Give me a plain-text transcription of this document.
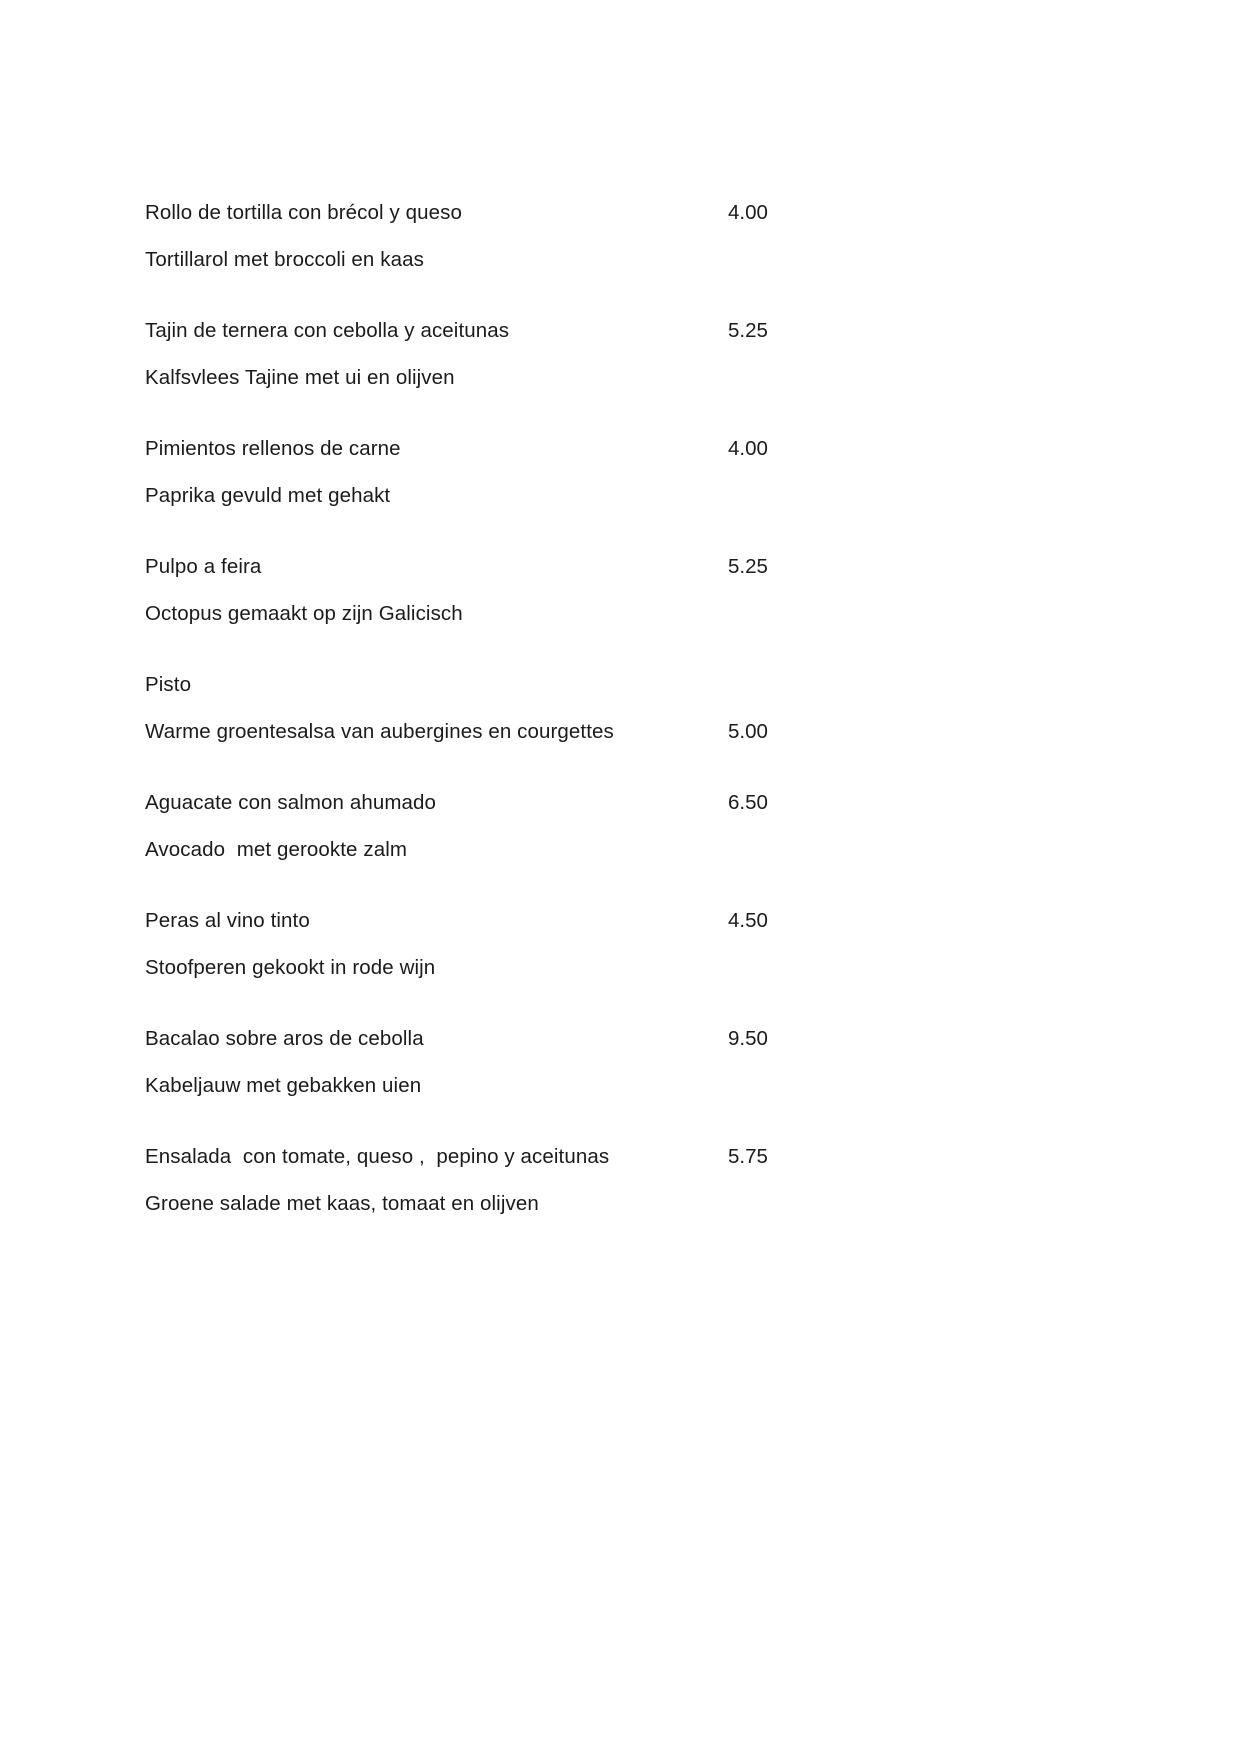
Rollo de tortilla con brécol y queso	4.00
Tortillarol met broccoli en kaas
Tajin de ternera con cebolla y aceitunas	5.25
Kalfsvlees Tajine met ui en olijven
Pimientos rellenos de carne	4.00
Paprika gevuld met gehakt
Pulpo a feira	5.25
Octopus gemaakt op zijn Galicisch
Pisto
Warme groentesalsa van aubergines en courgettes	5.00
Aguacate con salmon ahumado	6.50
Avocado  met gerookte zalm
Peras al vino tinto	4.50
Stoofperen gekookt in rode wijn
Bacalao sobre aros de cebolla	9.50
Kabeljauw met gebakken uien
Ensalada  con tomate, queso ,  pepino y aceitunas	5.75
Groene salade met kaas, tomaat en olijven
